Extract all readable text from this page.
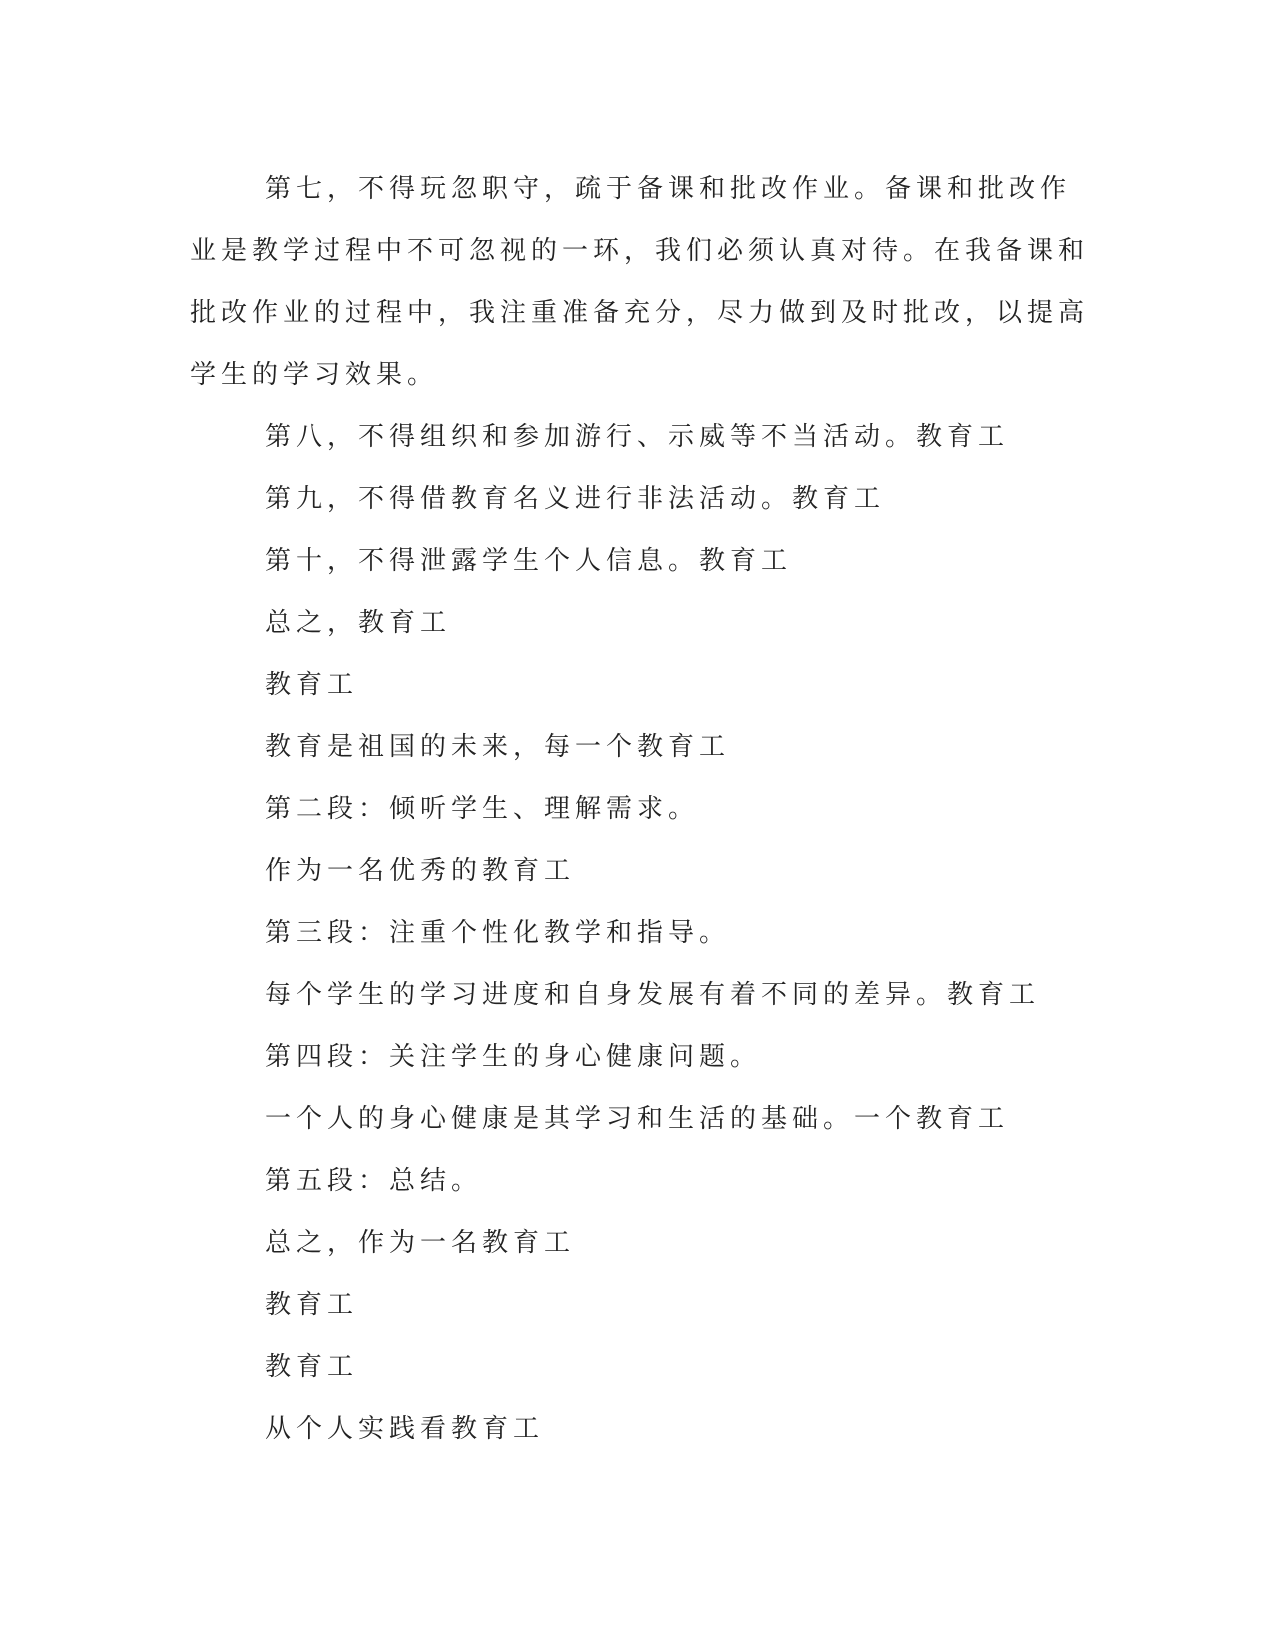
第七，不得玩忽职守，疏于备课和批改作业。备课和批改作业是教学过程中不可忽视的一环，我们必须认真对待。在我备课和批改作业的过程中，我注重准备充分，尽力做到及时批改，以提高学生的学习效果。

第八，不得组织和参加游行、示威等不当活动。教育工

第九，不得借教育名义进行非法活动。教育工

第十，不得泄露学生个人信息。教育工

总之，教育工

教育工

教育是祖国的未来，每一个教育工

第二段：倾听学生、理解需求。

作为一名优秀的教育工

第三段：注重个性化教学和指导。

每个学生的学习进度和自身发展有着不同的差异。教育工

第四段：关注学生的身心健康问题。

一个人的身心健康是其学习和生活的基础。一个教育工

第五段：总结。

总之，作为一名教育工

教育工

教育工

从个人实践看教育工
